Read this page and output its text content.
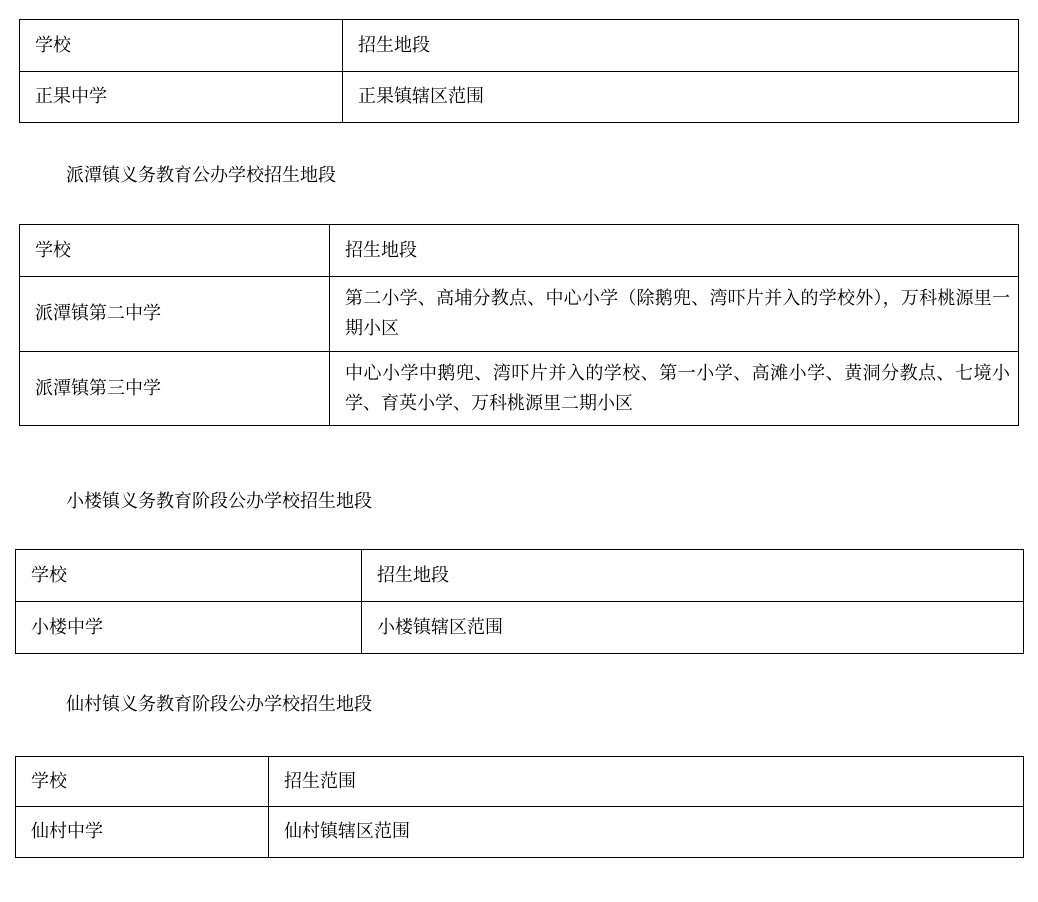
学校	招生地段
正果中学	正果镇辖区范围
派潭镇义务教育公办学校招生地段
学校	招生地段
派潭镇第二中学	第二小学、高埔分教点、中心小学（除鹅兜、湾吓片并入的学校外），万科桃源里一期小区
派潭镇第三中学	中心小学中鹅兜、湾吓片并入的学校、第一小学、高滩小学、黄洞分教点、七境小学、育英小学、万科桃源里二期小区
小楼镇义务教育阶段公办学校招生地段
学校	招生地段
小楼中学	小楼镇辖区范围
仙村镇义务教育阶段公办学校招生地段
学校	招生范围
仙村中学	仙村镇辖区范围
